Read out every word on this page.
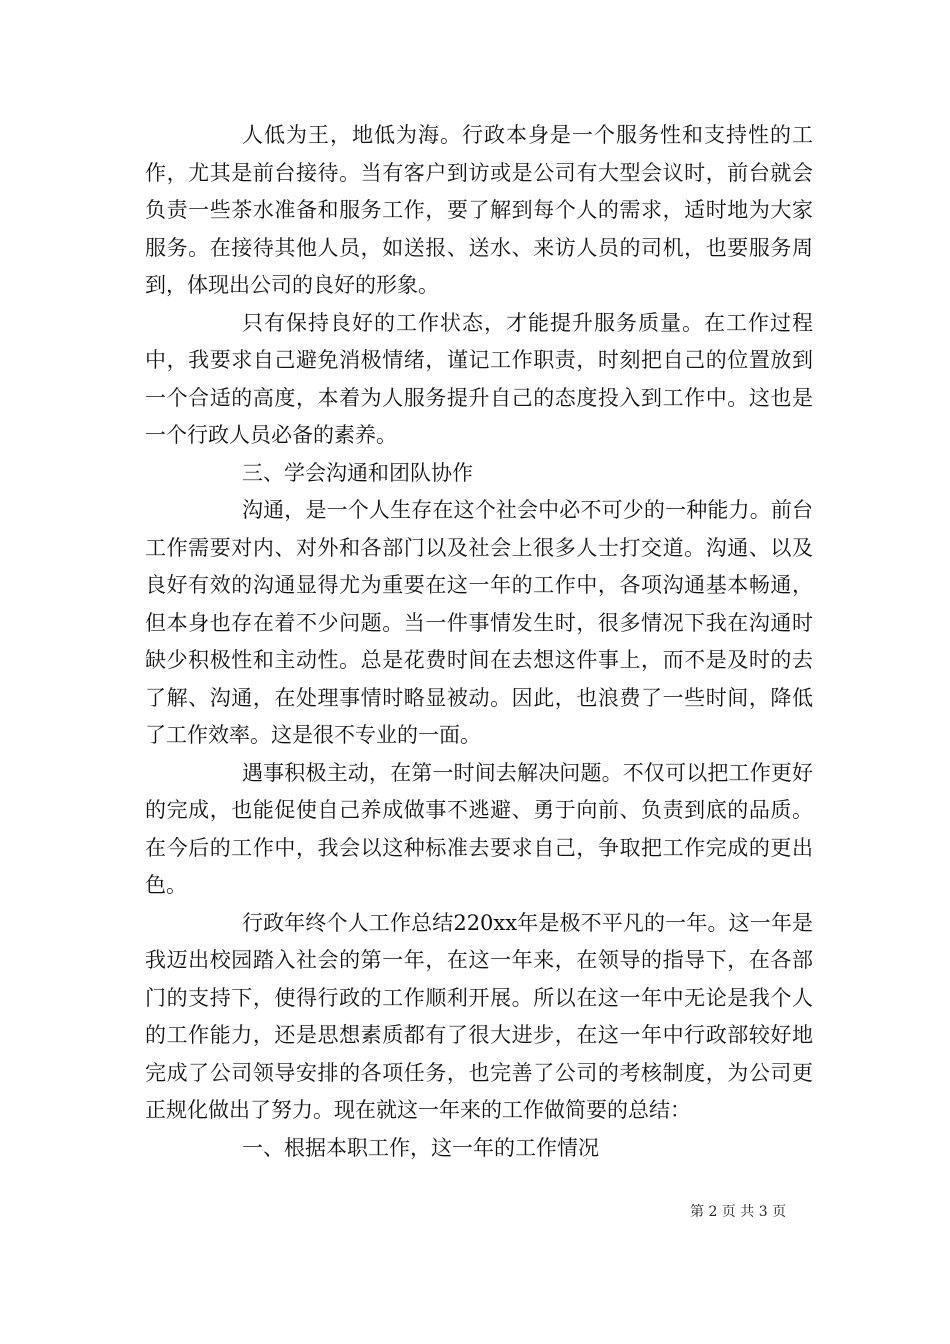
人低为王，地低为海。行政本身是一个服务性和支持性的工作，尤其是前台接待。当有客户到访或是公司有大型会议时，前台就会负责一些茶水准备和服务工作，要了解到每个人的需求，适时地为大家服务。在接待其他人员，如送报、送水、来访人员的司机，也要服务周到，体现出公司的良好的形象。

只有保持良好的工作状态，才能提升服务质量。在工作过程中，我要求自己避免消极情绪，谨记工作职责，时刻把自己的位置放到一个合适的高度，本着为人服务提升自己的态度投入到工作中。这也是一个行政人员必备的素养。

三、学会沟通和团队协作

沟通，是一个人生存在这个社会中必不可少的一种能力。前台工作需要对内、对外和各部门以及社会上很多人士打交道。沟通、以及良好有效的沟通显得尤为重要在这一年的工作中，各项沟通基本畅通，但本身也存在着不少问题。当一件事情发生时，很多情况下我在沟通时缺少积极性和主动性。总是花费时间在去想这件事上，而不是及时的去了解、沟通，在处理事情时略显被动。因此，也浪费了一些时间，降低了工作效率。这是很不专业的一面。

遇事积极主动，在第一时间去解决问题。不仅可以把工作更好的完成，也能促使自己养成做事不逃避、勇于向前、负责到底的品质。在今后的工作中，我会以这种标准去要求自己，争取把工作完成的更出色。

行政年终个人工作总结220xx年是极不平凡的一年。这一年是我迈出校园踏入社会的第一年，在这一年来，在领导的指导下，在各部门的支持下，使得行政的工作顺利开展。所以在这一年中无论是我个人的工作能力，还是思想素质都有了很大进步，在这一年中行政部较好地完成了公司领导安排的各项任务，也完善了公司的考核制度，为公司更正规化做出了努力。现在就这一年来的工作做简要的总结：

一、根据本职工作，这一年的工作情况

第 2 页 共 3 页
